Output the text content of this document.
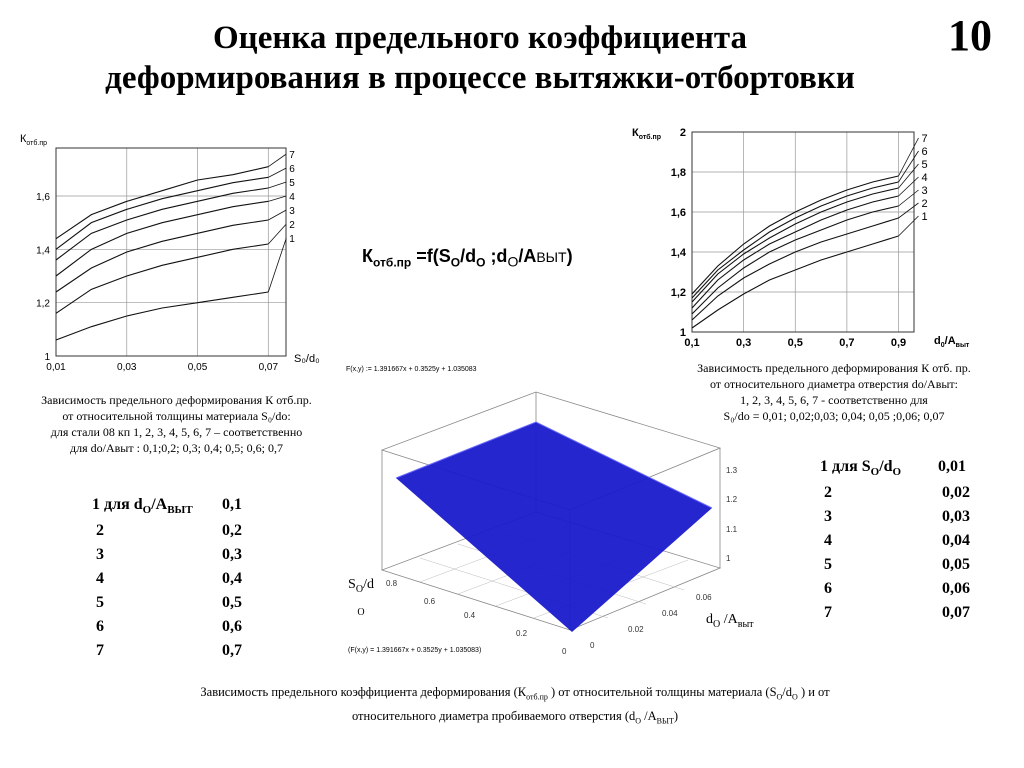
Оценка предельного коэффициента
деформирования в процессе вытяжки-отбортовки
10
0,01	0,03	0,05	0,07
1
1,2
1,4
1,6
1
2
3
4
5
6
7
$К_{отб.пр}$
S₀/d₀
0,1	0,3	0,5	0,7	0,9
1
1,2
1,4
1,6
1,8
2
1
2
3
4
5
6
7
$К_{отб.пр}$
$d_0/A_{выт}$
$К_{отб.пр} =f(S_O/d_O$ $;d_O/AВЫТ$)
F(x,y) := 1.391667x + 0.3525y + 1.035083
(F(x,y) = 1.391667x + 0.3525y + 1.035083)
1.3
1.2
1.1
1
0.8
0.6
0.4
0.2
0
0
0.02
0.04
0.06
$S_O/d$
$_O$	$d_O$ $/A_{выт}$
Зависимость предельного деформирования К отб.пр.
от относительной толщины материала S₀/do:
для стали 08 кп 1, 2, 3, 4, 5, 6, 7 – соответственно
для do/Aвыт : 0,1;0,2; 0,3; 0,4; 0,5; 0,6; 0,7
Зависимость предельного деформирования К отб. пр.
от относительного диаметра отверстия do/Aвыт:
1, 2, 3, 4, 5, 6, 7 - соответственно для
S₀/do = 0,01; 0,02;0,03; 0,04; 0,05 ;0,06; 0,07
1 для $d_O/A_{ВЫТ}$ 0,1
2	0,2
3	0,3
4	0,4
5	0,5
6	0,6
7	0,7
1 для $S_O/d_O$ 0,01
2	0,02
3	0,03
4	0,04
5	0,05
6	0,06
7	0,07
Зависимость предельного коэффициента деформирования ($К_{отб.пр}$ ) от относительной толщины материала ($S_O/d_O$ ) и от
относительного диаметра пробиваемого отверстия ($d_O$ $/A_{ВЫТ}$)
